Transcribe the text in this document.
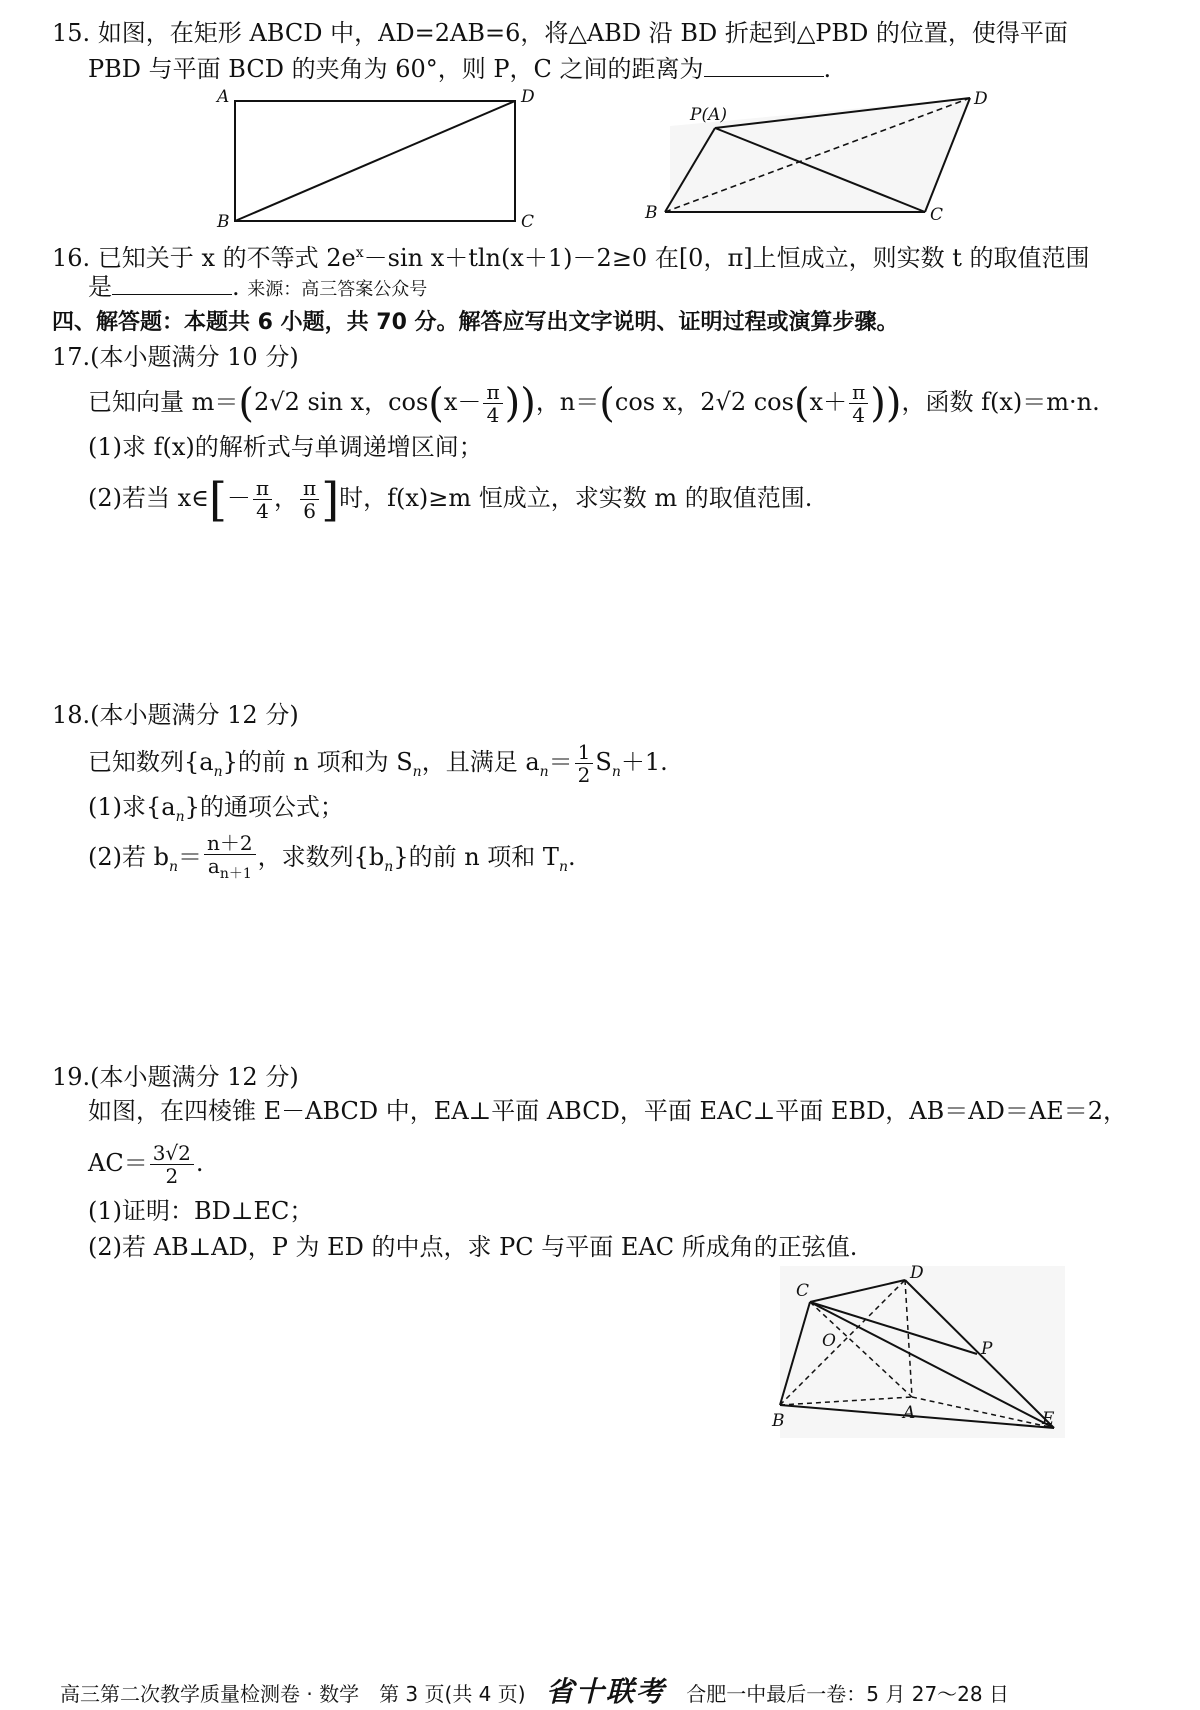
15. 如图，在矩形 ABCD 中，AD=2AB=6，将△ABD 沿 BD 折起到△PBD 的位置，使得平面
PBD 与平面 BCD 的夹角为 60°，则 P，C 之间的距离为	.
A
B	C
D
P(A)
B	C
D
16. 已知关于 x 的不等式 $2e^x-\sin$ x＋tln(x＋1)－2≥0 在[0，π]上恒成立，则实数 t 的取值范围
是	. 来源：高三答案公众号
四、解答题：本题共 6 小题，共 70 分。解答应写出文字说明、证明过程或演算步骤。
17.(本小题满分 10 分)
已知向量 m＝(2√2 sin x，$\cos(x- \frac{\pi}{4}$ ))，n＝(cos x，2√2 $\cos(x+ \frac{\pi}{4}$ ))，函数 f(x)＝m·n.
(1)求 f(x)的解析式与单调递增区间；
(2)若当 x∈[－ $\frac{\pi}{4}$ ， $\frac{\pi}{6}$ ]时，f(x)≥m 恒成立，求实数 m 的取值范围.
18.(本小题满分 12 分)
已知数列$\{a_n\}$的前 n 项和为 $S_n$，且满足 $a_n= \frac{1}{2} S_n+1$.
(1)求$\{a_n\}$的通项公式；
(2)若 $b_n= \frac{n+2}{a_{n+1}}$ ，求数列$\{b_n\}$的前 n 项和 $T_n$.
19.(本小题满分 12 分)
如图，在四棱锥 E－ABCD 中，EA⊥平面 ABCD，平面 EAC⊥平面 EBD，AB＝AD＝AE＝2，
$AC= \frac{3√2}{2}$ .
(1)证明：BD⊥EC；
(2)若 AB⊥AD，P 为 ED 的中点，求 PC 与平面 EAC 所成角的正弦值.
C
D
O	P
B	A	E
高三第二次教学质量检测卷 · 数学　第 3 页(共 4 页) 省十联考 合肥一中最后一卷：5 月 27～28 日
